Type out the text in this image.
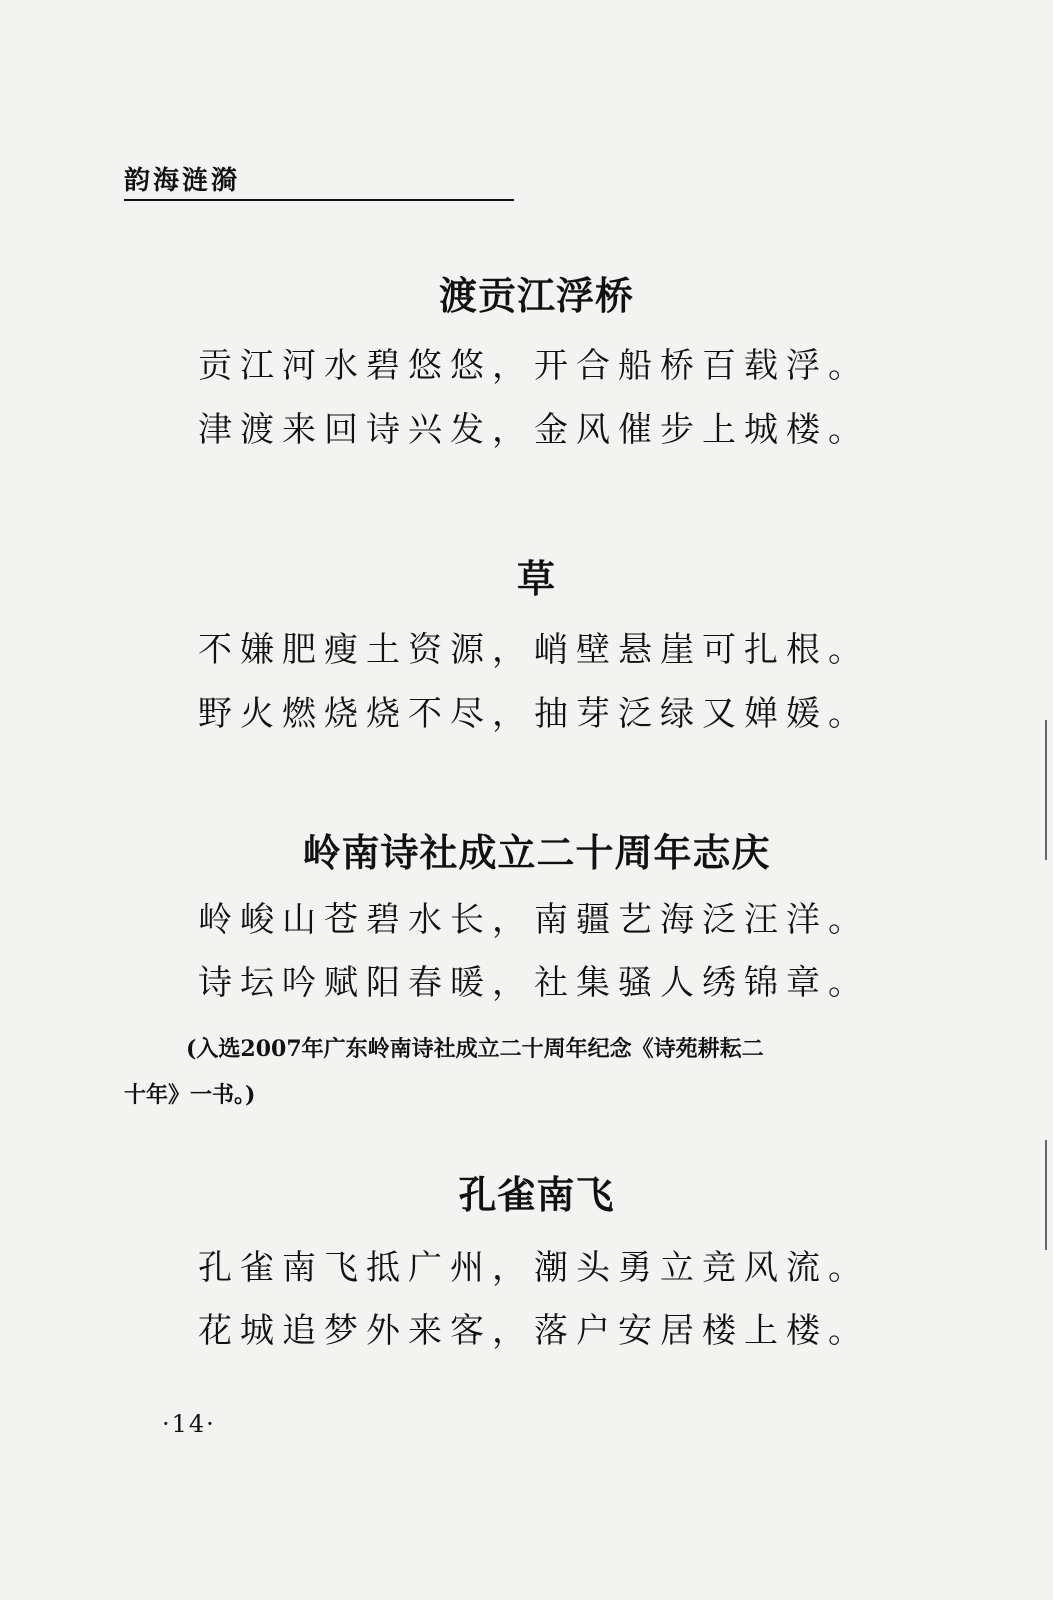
韵海涟漪
渡贡江浮桥
贡江河水碧悠悠，开合船桥百载浮。
津渡来回诗兴发，金风催步上城楼。
草
不嫌肥瘦土资源，峭壁悬崖可扎根。
野火燃烧烧不尽，抽芽泛绿又婵媛。
岭南诗社成立二十周年志庆
岭峻山苍碧水长，南疆艺海泛汪洋。
诗坛吟赋阳春暖，社集骚人绣锦章。
(入选2007年广东岭南诗社成立二十周年纪念《诗苑耕耘二
十年》一书。)
孔雀南飞
孔雀南飞抵广州，潮头勇立竞风流。
花城追梦外来客，落户安居楼上楼。
·14·
